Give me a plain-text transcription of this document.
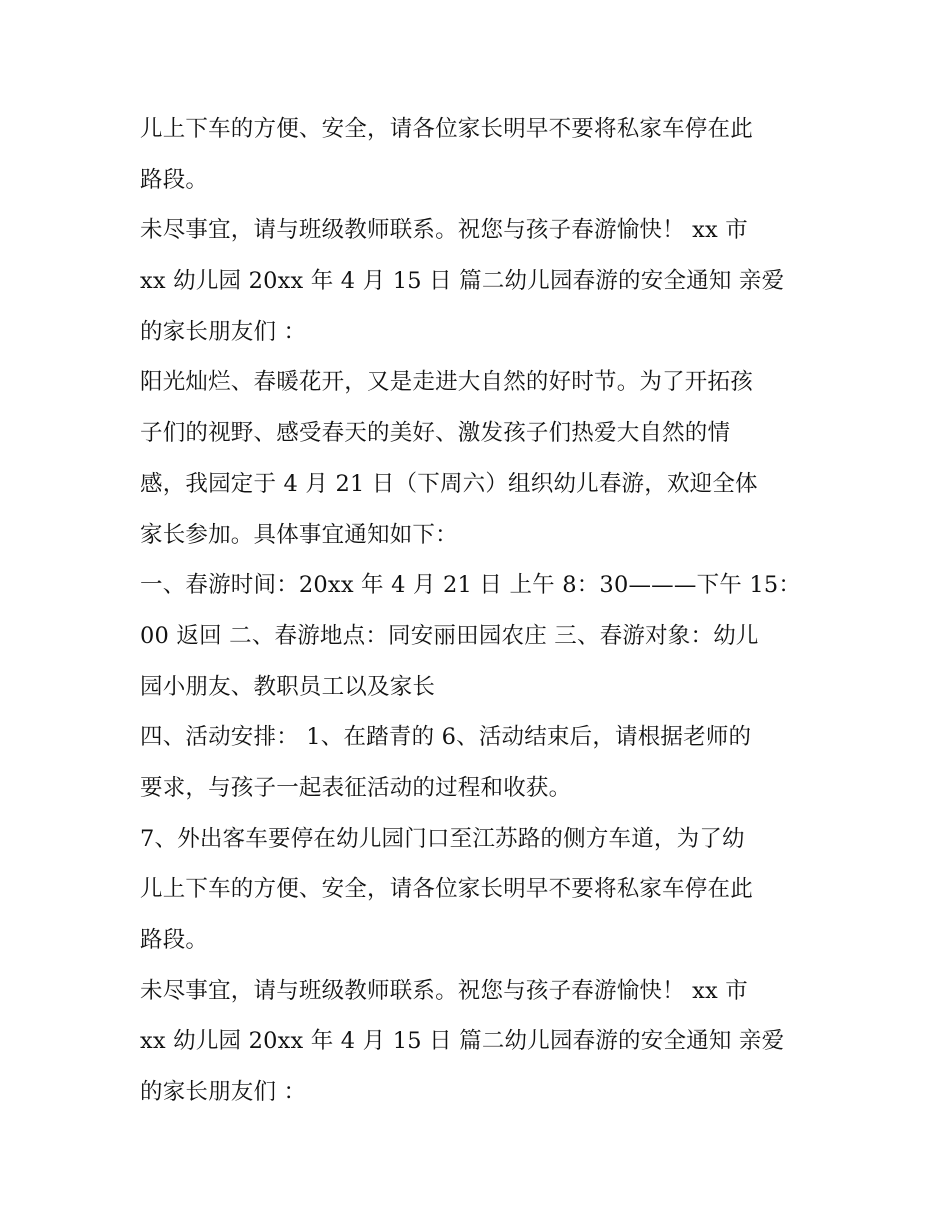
儿上下车的方便、安全，请各位家长明早不要将私家车停在此
路段。
未尽事宜，请与班级教师联系。祝您与孩子春游愉快！ xx 市
xx 幼儿园 20xx 年 4 月 15 日 篇二幼儿园春游的安全通知 亲爱
的家长朋友们 ：
阳光灿烂、春暖花开，又是走进大自然的好时节。为了开拓孩
子们的视野、感受春天的美好、激发孩子们热爱大自然的情
感，我园定于 4 月 21 日（下周六）组织幼儿春游，欢迎全体
家长参加。具体事宜通知如下：
一、春游时间：20xx 年 4 月 21 日 上午 8：30———下午 15：
00 返回 二、春游地点：同安丽田园农庄 三、春游对象：幼儿
园小朋友、教职员工以及家长
四、活动安排： 1、在踏青的 6、活动结束后，请根据老师的
要求，与孩子一起表征活动的过程和收获。
7、外出客车要停在幼儿园门口至江苏路的侧方车道，为了幼
儿上下车的方便、安全，请各位家长明早不要将私家车停在此
路段。
未尽事宜，请与班级教师联系。祝您与孩子春游愉快！ xx 市
xx 幼儿园 20xx 年 4 月 15 日 篇二幼儿园春游的安全通知 亲爱
的家长朋友们 ：
